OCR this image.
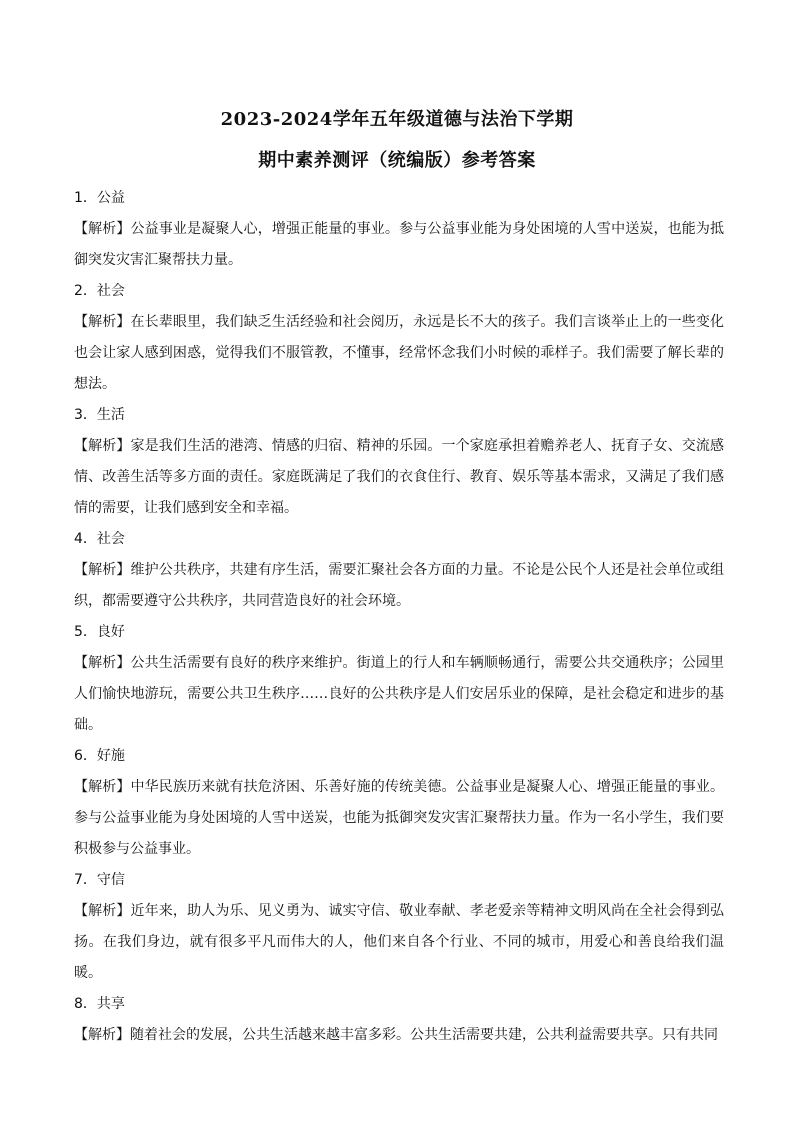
2023-2024学年五年级道德与法治下学期
期中素养测评（统编版）参考答案

1．公益

【解析】公益事业是凝聚人心，增强正能量的事业。参与公益事业能为身处困境的人雪中送炭，也能为抵御突发灾害汇聚帮扶力量。

2．社会

【解析】在长辈眼里，我们缺乏生活经验和社会阅历，永远是长不大的孩子。我们言谈举止上的一些变化也会让家人感到困惑，觉得我们不服管教，不懂事，经常怀念我们小时候的乖样子。我们需要了解长辈的想法。

3．生活

【解析】家是我们生活的港湾、情感的归宿、精神的乐园。一个家庭承担着赡养老人、抚育子女、交流感情、改善生活等多方面的责任。家庭既满足了我们的衣食住行、教育、娱乐等基本需求，又满足了我们感情的需要，让我们感到安全和幸福。

4．社会

【解析】维护公共秩序，共建有序生活，需要汇聚社会各方面的力量。不论是公民个人还是社会单位或组织，都需要遵守公共秩序，共同营造良好的社会环境。

5．良好

【解析】公共生活需要有良好的秩序来维护。街道上的行人和车辆顺畅通行，需要公共交通秩序；公园里人们愉快地游玩，需要公共卫生秩序……良好的公共秩序是人们安居乐业的保障，是社会稳定和进步的基础。

6．好施

【解析】中华民族历来就有扶危济困、乐善好施的传统美德。公益事业是凝聚人心、增强正能量的事业。参与公益事业能为身处困境的人雪中送炭，也能为抵御突发灾害汇聚帮扶力量。作为一名小学生，我们要积极参与公益事业。

7．守信

【解析】近年来，助人为乐、见义勇为、诚实守信、敬业奉献、孝老爱亲等精神文明风尚在全社会得到弘扬。在我们身边，就有很多平凡而伟大的人，他们来自各个行业、不同的城市，用爱心和善良给我们温暖。

8．共享

【解析】随着社会的发展，公共生活越来越丰富多彩。公共生活需要共建，公共利益需要共享。只有共同
